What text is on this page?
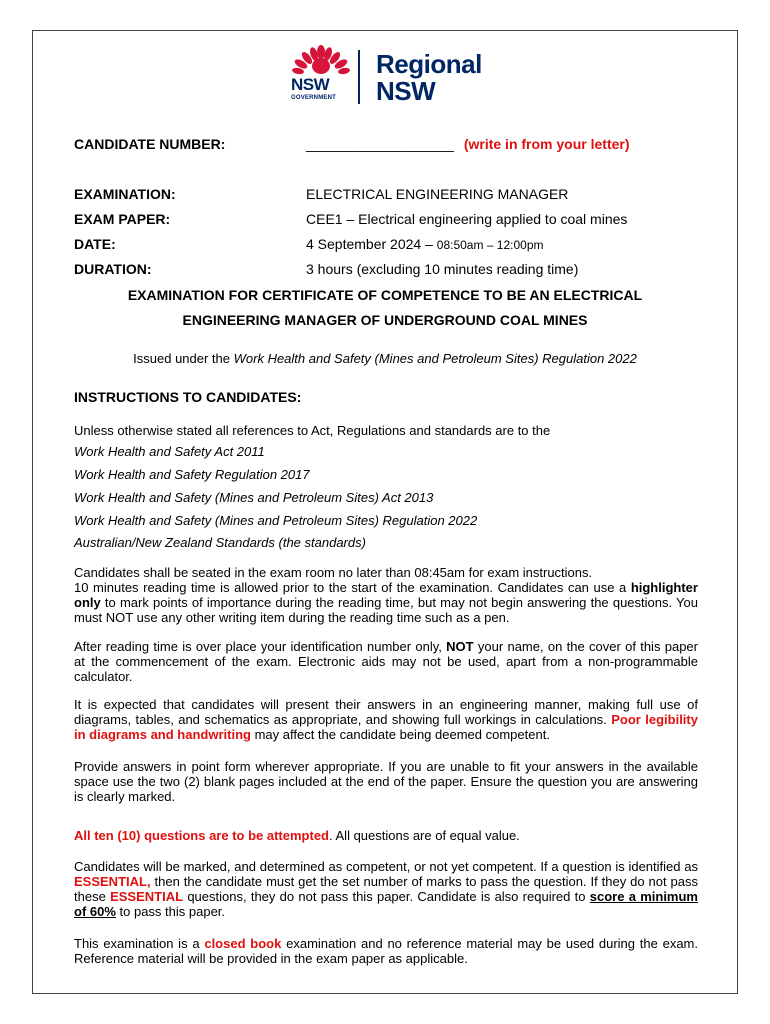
NSW
GOVERNMENT
Regional
NSW
CANDIDATE NUMBER:	___________________ (write in from your letter)
EXAMINATION:	ELECTRICAL ENGINEERING MANAGER
EXAM PAPER:	CEE1 – Electrical engineering applied to coal mines
DATE:	4 September 2024 – 08:50am – 12:00pm
DURATION:	3 hours (excluding 10 minutes reading time)
EXAMINATION FOR CERTIFICATE OF COMPETENCE TO BE AN ELECTRICAL
ENGINEERING MANAGER OF UNDERGROUND COAL MINES
Issued under the Work Health and Safety (Mines and Petroleum Sites) Regulation 2022
INSTRUCTIONS TO CANDIDATES:
Unless otherwise stated all references to Act, Regulations and standards are to the
Work Health and Safety Act 2011
Work Health and Safety Regulation 2017
Work Health and Safety (Mines and Petroleum Sites) Act 2013
Work Health and Safety (Mines and Petroleum Sites) Regulation 2022
Australian/New Zealand Standards (the standards)
Candidates shall be seated in the exam room no later than 08:45am for exam instructions.
10 minutes reading time is allowed prior to the start of the examination. Candidates can use a highlighter only to mark points of importance during the reading time, but may not begin answering the questions. You must NOT use any other writing item during the reading time such as a pen.
After reading time is over place your identification number only, NOT your name, on the cover of this paper at the commencement of the exam. Electronic aids may not be used, apart from a non-programmable calculator.
It is expected that candidates will present their answers in an engineering manner, making full use of diagrams, tables, and schematics as appropriate, and showing full workings in calculations. Poor legibility in diagrams and handwriting may affect the candidate being deemed competent.
Provide answers in point form wherever appropriate. If you are unable to fit your answers in the available space use the two (2) blank pages included at the end of the paper. Ensure the question you are answering is clearly marked.
All ten (10) questions are to be attempted. All questions are of equal value.
Candidates will be marked, and determined as competent, or not yet competent. If a question is identified as ESSENTIAL, then the candidate must get the set number of marks to pass the question. If they do not pass these ESSENTIAL questions, they do not pass this paper. Candidate is also required to score a minimum of 60% to pass this paper.
This examination is a closed book examination and no reference material may be used during the exam. Reference material will be provided in the exam paper as applicable.
